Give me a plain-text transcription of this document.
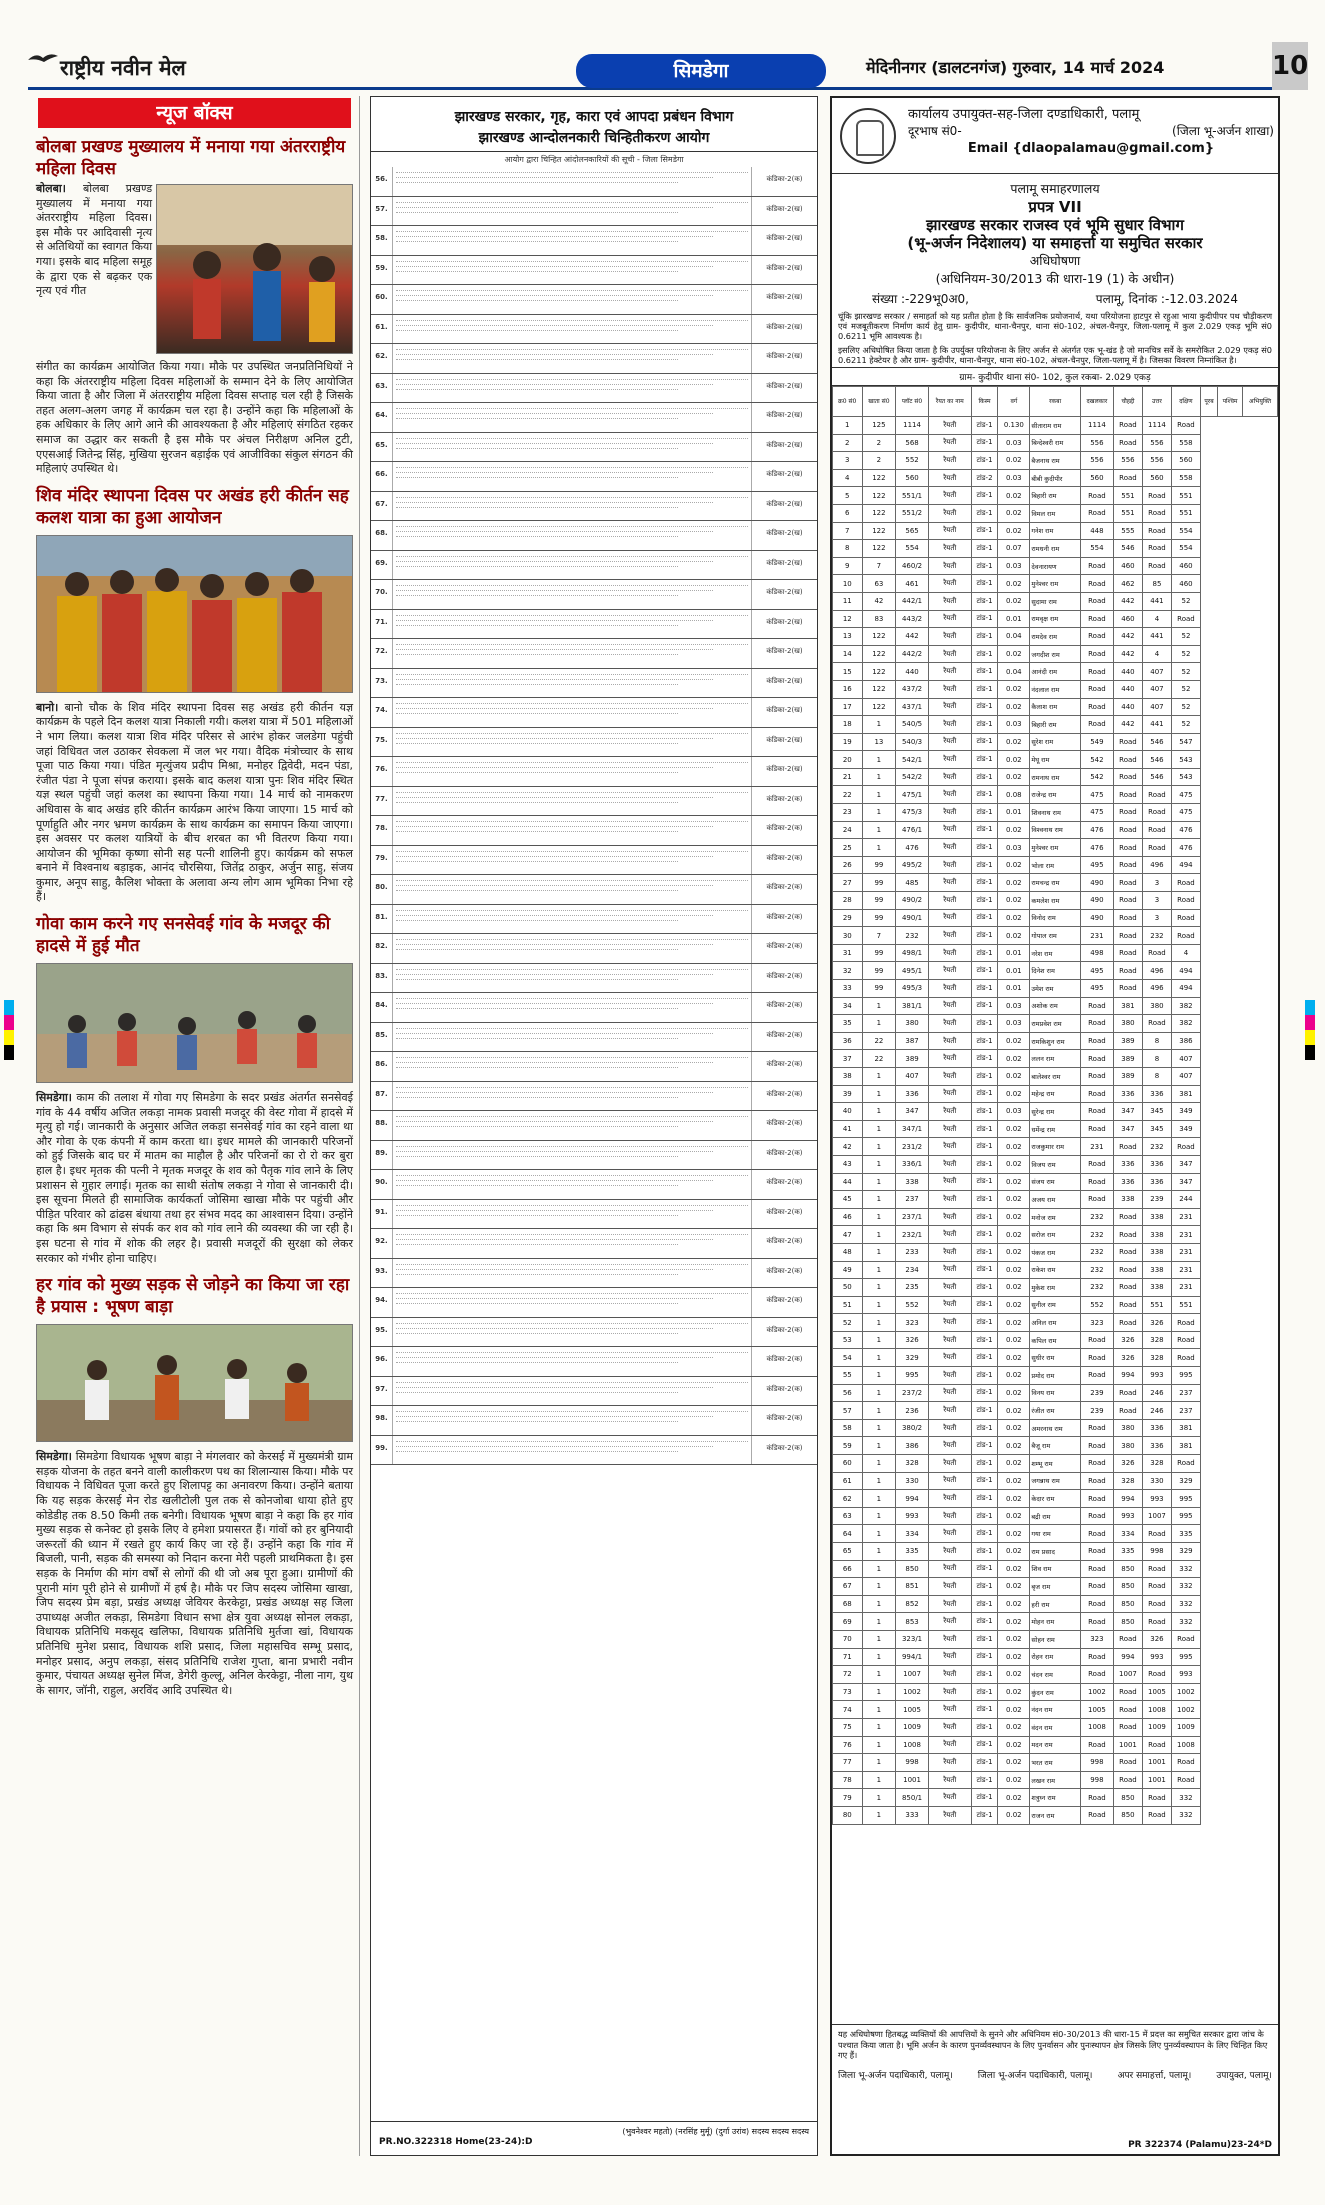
राष्ट्रीय नवीन मेल	सिमडेगा	मेदिनीनगर (डालटनगंज) गुरुवार, 14 मार्च 2024	10
न्यूज बॉक्स
बोलबा प्रखण्ड मुख्यालय में मनाया गया अंतरराष्ट्रीय महिला दिवस
बोलबा। बोलबा प्रखण्ड मुख्यालय में मनाया गया अंतरराष्ट्रीय महिला दिवस। इस मौके पर आदिवासी नृत्य से अतिथियों का स्वागत किया गया। इसके बाद महिला समूह के द्वारा एक से बढ़कर एक नृत्य एवं गीत
संगीत का कार्यक्रम आयोजित किया गया। मौके पर उपस्थित जनप्रतिनिधियों ने कहा कि अंतरराष्ट्रीय महिला दिवस महिलाओं के सम्मान देने के लिए आयोजित किया जाता है और जिला में अंतरराष्ट्रीय महिला दिवस सप्ताह चल रही है जिसके तहत अलग-अलग जगह में कार्यक्रम चल रहा है। उन्होंने कहा कि महिलाओं के हक अधिकार के लिए आगे आने की आवश्यकता है और महिलाएं संगठित रहकर समाज का उद्धार कर सकती है इस मौके पर अंचल निरीक्षण अनिल टुटी, एएसआई जितेन्द्र सिंह, मुखिया सुरजन बड़ाईक एवं आजीविका संकुल संगठन की महिलाएं उपस्थित थे।
शिव मंदिर स्थापना दिवस पर अखंड हरी कीर्तन सह कलश यात्रा का हुआ आयोजन
बानो। बानो चौक के शिव मंदिर स्थापना दिवस सह अखंड हरी कीर्तन यज्ञ कार्यक्रम के पहले दिन कलश यात्रा निकाली गयी। कलश यात्रा में 501 महिलाओं ने भाग लिया। कलश यात्रा शिव मंदिर परिसर से आरंभ होकर जलडेगा पहुंची जहां विधिवत जल उठाकर सेवकला में जल भर गया। वैदिक मंत्रोच्चार के साथ पूजा पाठ किया गया। पंडित मृत्युंजय प्रदीप मिश्रा, मनोहर द्विवेदी, मदन पंडा, रंजीत पंडा ने पूजा संपन्न कराया। इसके बाद कलश यात्रा पुनः शिव मंदिर स्थित यज्ञ स्थल पहुंची जहां कलश का स्थापना किया गया। 14 मार्च को नामकरण अधिवास के बाद अखंड हरि कीर्तन कार्यक्रम आरंभ किया जाएगा। 15 मार्च को पूर्णाहुति और नगर भ्रमण कार्यक्रम के साथ कार्यक्रम का समापन किया जाएगा। इस अवसर पर कलश यात्रियों के बीच शरबत का भी वितरण किया गया। आयोजन की भूमिका कृष्णा सोनी सह पत्नी शालिनी हुए। कार्यक्रम को सफल बनाने में विश्वनाथ बड़ाइक, आनंद चौरसिया, जितेंद्र ठाकुर, अर्जुन साहु, संजय कुमार, अनूप साहु, कैलिश भोक्ता के अलावा अन्य लोग आम भूमिका निभा रहे हैं।
गोवा काम करने गए सनसेवई गांव के मजदूर की हादसे में हुई मौत
सिमडेगा। काम की तलाश में गोवा गए सिमडेगा के सदर प्रखंड अंतर्गत सनसेवई गांव के 44 वर्षीय अजित लकड़ा नामक प्रवासी मजदूर की वेस्ट गोवा में हादसे में मृत्यु हो गई। जानकारी के अनुसार अजित लकड़ा सनसेवई गांव का रहने वाला था और गोवा के एक कंपनी में काम करता था। इधर मामले की जानकारी परिजनों को हुई जिसके बाद घर में मातम का माहौल है और परिजनों का रो रो कर बुरा हाल है। इधर मृतक की पत्नी ने मृतक मजदूर के शव को पैतृक गांव लाने के लिए प्रशासन से गुहार लगाई। मृतक का साथी संतोष लकड़ा ने गोवा से जानकारी दी। इस सूचना मिलते ही सामाजिक कार्यकर्ता जोसिमा खाखा मौके पर पहुंची और पीड़ित परिवार को ढांढस बंधाया तथा हर संभव मदद का आश्वासन दिया। उन्होंने कहा कि श्रम विभाग से संपर्क कर शव को गांव लाने की व्यवस्था की जा रही है। इस घटना से गांव में शोक की लहर है। प्रवासी मजदूरों की सुरक्षा को लेकर सरकार को गंभीर होना चाहिए।
हर गांव को मुख्य सड़क से जोड़ने का किया जा रहा है प्रयास : भूषण बाड़ा
सिमडेगा। सिमडेगा विधायक भूषण बाड़ा ने मंगलवार को केरसई में मुख्यमंत्री ग्राम सड़क योजना के तहत बनने वाली कालीकरण पथ का शिलान्यास किया। मौके पर विधायक ने विधिवत पूजा करते हुए शिलापट्ट का अनावरण किया। उन्होंने बताया कि यह सड़क केरसई मेन रोड खलीटोली पुल तक से कोनजोबा धाया होते हुए कोडेडीह तक 8.50 किमी तक बनेगी। विधायक भूषण बाड़ा ने कहा कि हर गांव मुख्य सड़क से कनेक्ट हो इसके लिए वे हमेशा प्रयासरत हैं। गांवों को हर बुनियादी जरूरतों की ध्यान में रखते हुए कार्य किए जा रहे हैं। उन्होंने कहा कि गांव में बिजली, पानी, सड़क की समस्या को निदान करना मेरी पहली प्राथमिकता है। इस सड़क के निर्माण की मांग वर्षों से लोगों की थी जो अब पूरा हुआ। ग्रामीणों की पुरानी मांग पूरी होने से ग्रामीणों में हर्ष है। मौके पर जिप सदस्य जोसिमा खाखा, जिप सदस्य प्रेम बड़ा, प्रखंड अध्यक्ष जेवियर केरकेट्टा, प्रखंड अध्यक्ष सह जिला उपाध्यक्ष अजीत लकड़ा, सिमडेगा विधान सभा क्षेत्र युवा अध्यक्ष सोनल लकड़ा, विधायक प्रतिनिधि मकसूद खलिफा, विधायक प्रतिनिधि मुर्तजा खां, विधायक प्रतिनिधि मुनेश प्रसाद, विधायक शशि प्रसाद, जिला महासचिव सम्भू प्रसाद, मनोहर प्रसाद, अनुप लकड़ा, संसद प्रतिनिधि राजेश गुप्ता, बाना प्रभारी नवीन कुमार, पंचायत अध्यक्ष सुनेल मिंज, डेगेरी कुल्लू, अनिल केरकेट्टा, नीला नाग, युथ के सागर, जॉनी, राहुल, अरविंद आदि उपस्थित थे।
झारखण्ड सरकार, गृह, कारा एवं आपदा प्रबंधन विभाग
झारखण्ड आन्दोलनकारी चिन्हितीकरण आयोग
आयोग द्वारा चिन्हित आंदोलनकारियों की सूची - जिला सिमडेगा
56.	कंडिका-2(क)
57.	कंडिका-2(ख)
58.	कंडिका-2(ख)
59.	कंडिका-2(ख)
60.	कंडिका-2(ख)
61.	कंडिका-2(ख)
62.	कंडिका-2(ख)
63.	कंडिका-2(ख)
64.	कंडिका-2(ख)
65.	कंडिका-2(ख)
66.	कंडिका-2(ख)
67.	कंडिका-2(ख)
68.	कंडिका-2(ख)
69.	कंडिका-2(ख)
70.	कंडिका-2(ख)
71.	कंडिका-2(ख)
72.	कंडिका-2(ख)
73.	कंडिका-2(ख)
74.	कंडिका-2(ख)
75.	कंडिका-2(ख)
76.	कंडिका-2(ख)
77.	कंडिका-2(क)
78.	कंडिका-2(क)
79.	कंडिका-2(क)
80.	कंडिका-2(क)
81.	कंडिका-2(क)
82.	कंडिका-2(क)
83.	कंडिका-2(क)
84.	कंडिका-2(क)
85.	कंडिका-2(क)
86.	कंडिका-2(क)
87.	कंडिका-2(क)
88.	कंडिका-2(क)
89.	कंडिका-2(क)
90.	कंडिका-2(क)
91.	कंडिका-2(क)
92.	कंडिका-2(क)
93.	कंडिका-2(क)
94.	कंडिका-2(क)
95.	कंडिका-2(क)
96.	कंडिका-2(क)
97.	कंडिका-2(क)
98.	कंडिका-2(क)
99.	कंडिका-2(क)
(भुवनेश्वर महतो) (नरसिंह मुर्मू) (दुर्गा उरांव) सदस्य सदस्य सदस्य
PR.NO.322318 Home(23-24):D
कार्यालय उपायुक्त-सह-जिला दण्डाधिकारी, पलामू
दूरभाष सं0-	(जिला भू-अर्जन शाखा)
Email {dlaopalamau@gmail.com}
पलामू समाहरणालय
प्रपत्र VII
झारखण्ड सरकार राजस्व एवं भूमि सुधार विभाग
(भू-अर्जन निदेशालय) या समाहर्त्ता या समुचित सरकार
अधिघोषणा
(अधिनियम-30/2013 की धारा-19 (1) के अधीन)
संख्या :-229भू0अ0,	पलामू, दिनांक :-12.03.2024
चूंकि झारखण्ड सरकार / समाहर्ता को यह प्रतीत होता है कि सार्वजनिक प्रयोजनार्थ, यथा परियोजना हाटपुर से रहुआ भाया कुदीपीपर पथ चौड़ीकरण एवं मजबूतीकरण निर्माण कार्य हेतु ग्राम- कुदीपीर, थाना-चैनपुर, थाना सं0-102, अंचल-चैनपुर, जिला-पलामू में कुल 2.029 एकड़ भूमि सं0 0.6211 भूमि आवश्यक है।
इसलिए अधिघोषित किया जाता है कि उपर्युक्त परियोजना के लिए अर्जन से अंतर्गत एक भू-खंड है जो मानचित्र सर्वे के समरोकित 2.029 एकड़ सं0 0.6211 हेक्टेयर है और ग्राम- कुदीपीर, थाना-चैनपुर, थाना सं0-102, अंचल-चैनपुर, जिला-पलामू में है। जिसका विवरण निम्नांकित है।
ग्राम- कुदीपीर थाना सं0- 102, कुल रकबा- 2.029 एकड़
क्र0 सं0	खाता सं0	प्लॉट सं0	रैयत का नाम	किस्म	वर्ग	रकबा	दखलकार	चौहद्दी	उत्तर	दक्षिण	पूरब	पश्चिम	अभियुक्ति
1	125	1114	रैयती	टांड-1	0.130	सीताराम राम	1114	Road	1114	Road			
2	2	568	रैयती	टांड-1	0.03	बिन्देश्वरी राम	556	Road	556	558			
3	2	552	रैयती	टांड-1	0.02	बैजनाथ राम	556	556	556	560			
4	122	560	रैयती	टांड-2	0.03	बीबी कुदीपीर	560	Road	560	558			
5	122	551/1	रैयती	टांड-1	0.02	बिहारी राम	Road	551	Road	551			
6	122	551/2	रैयती	टांड-1	0.02	विमल राम	Road	551	Road	551			
7	122	565	रैयती	टांड-1	0.02	गनेश राम	448	555	Road	554			
8	122	554	रैयती	टांड-1	0.07	रामधनी राम	554	546	Road	554			
9	7	460/2	रैयती	टांड-1	0.03	देवनारायण	Road	460	Road	460			
10	63	461	रैयती	टांड-1	0.02	मुनेश्वर राम	Road	462	85	460			
11	42	442/1	रैयती	टांड-1	0.02	सुदामा राम	Road	442	441	52			
12	83	443/2	रैयती	टांड-1	0.01	रामवृक्ष राम	Road	460	4	Road			
13	122	442	रैयती	टांड-1	0.04	रामदेव राम	Road	442	441	52			
14	122	442/2	रैयती	टांड-1	0.02	जगदीश राम	Road	442	4	52			
15	122	440	रैयती	टांड-1	0.04	आनंदी राम	Road	440	407	52			
16	122	437/2	रैयती	टांड-1	0.02	नंदलाल राम	Road	440	407	52			
17	122	437/1	रैयती	टांड-1	0.02	कैलाश राम	Road	440	407	52			
18	1	540/5	रैयती	टांड-1	0.03	बिहारी राम	Road	442	441	52			
19	13	540/3	रैयती	टांड-1	0.02	सुरेश राम	549	Road	546	547			
20	1	542/1	रैयती	टांड-1	0.02	मेघू राम	542	Road	546	543			
21	1	542/2	रैयती	टांड-1	0.02	रामनाथ राम	542	Road	546	543			
22	1	475/1	रैयती	टांड-1	0.08	राजेन्द्र राम	475	Road	Road	475			
23	1	475/3	रैयती	टांड-1	0.01	शिवनाथ राम	475	Road	Road	475			
24	1	476/1	रैयती	टांड-1	0.02	विश्वनाथ राम	476	Road	Road	476			
25	1	476	रैयती	टांड-1	0.03	मुनेश्वर राम	476	Road	Road	476			
26	99	495/2	रैयती	टांड-1	0.02	भोला राम	495	Road	496	494			
27	99	485	रैयती	टांड-1	0.02	रामचन्द्र राम	490	Road	3	Road			
28	99	490/2	रैयती	टांड-1	0.02	कमलेश राम	490	Road	3	Road			
29	99	490/1	रैयती	टांड-1	0.02	विनोद राम	490	Road	3	Road			
30	7	232	रैयती	टांड-1	0.02	गोपाल राम	231	Road	232	Road			
31	99	498/1	रैयती	टांड-1	0.01	नरेश राम	498	Road	Road	4			
32	99	495/1	रैयती	टांड-1	0.01	दिनेश राम	495	Road	496	494			
33	99	495/3	रैयती	टांड-1	0.01	उमेश राम	495	Road	496	494			
34	1	381/1	रैयती	टांड-1	0.03	अशोक राम	Road	381	380	382			
35	1	380	रैयती	टांड-1	0.03	रामप्रवेश राम	Road	380	Road	382			
36	22	387	रैयती	टांड-1	0.02	रामकिशुन राम	Road	389	8	386			
37	22	389	रैयती	टांड-1	0.02	ललन राम	Road	389	8	407			
38	1	407	रैयती	टांड-1	0.02	बालेश्वर राम	Road	389	8	407			
39	1	336	रैयती	टांड-1	0.02	महेन्द्र राम	Road	336	336	381			
40	1	347	रैयती	टांड-1	0.03	सुरेन्द्र राम	Road	347	345	349			
41	1	347/1	रैयती	टांड-1	0.02	धर्मेन्द्र राम	Road	347	345	349			
42	1	231/2	रैयती	टांड-1	0.02	राजकुमार राम	231	Road	232	Road			
43	1	336/1	रैयती	टांड-1	0.02	विजय राम	Road	336	336	347			
44	1	338	रैयती	टांड-1	0.02	संजय राम	Road	336	336	347			
45	1	237	रैयती	टांड-1	0.02	अजय राम	Road	338	239	244			
46	1	237/1	रैयती	टांड-1	0.02	मनोज राम	232	Road	338	231			
47	1	232/1	रैयती	टांड-1	0.02	सरोज राम	232	Road	338	231			
48	1	233	रैयती	टांड-1	0.02	पंकज राम	232	Road	338	231			
49	1	234	रैयती	टांड-1	0.02	राकेश राम	232	Road	338	231			
50	1	235	रैयती	टांड-1	0.02	मुकेश राम	232	Road	338	231			
51	1	552	रैयती	टांड-1	0.02	सुनील राम	552	Road	551	551			
52	1	323	रैयती	टांड-1	0.02	अनिल राम	323	Road	326	Road			
53	1	326	रैयती	टांड-1	0.02	कपिल राम	Road	326	328	Road			
54	1	329	रैयती	टांड-1	0.02	सुधीर राम	Road	326	328	Road			
55	1	995	रैयती	टांड-1	0.02	प्रमोद राम	Road	994	993	995			
56	1	237/2	रैयती	टांड-1	0.02	विनय राम	239	Road	246	237			
57	1	236	रैयती	टांड-1	0.02	रंजीत राम	239	Road	246	237			
58	1	380/2	रैयती	टांड-1	0.02	अमरनाथ राम	Road	380	336	381			
59	1	386	रैयती	टांड-1	0.02	बैजू राम	Road	380	336	381			
60	1	328	रैयती	टांड-1	0.02	शम्भू राम	Road	326	328	Road			
61	1	330	रैयती	टांड-1	0.02	जगन्नाथ राम	Road	328	330	329			
62	1	994	रैयती	टांड-1	0.02	केदार राम	Road	994	993	995			
63	1	993	रैयती	टांड-1	0.02	बद्री राम	Road	993	1007	995			
64	1	334	रैयती	टांड-1	0.02	गया राम	Road	334	Road	335			
65	1	335	रैयती	टांड-1	0.02	राम प्रसाद	Road	335	998	329			
66	1	850	रैयती	टांड-1	0.02	शिव राम	Road	850	Road	332			
67	1	851	रैयती	टांड-1	0.02	बृज राम	Road	850	Road	332			
68	1	852	रैयती	टांड-1	0.02	हरी राम	Road	850	Road	332			
69	1	853	रैयती	टांड-1	0.02	मोहन राम	Road	850	Road	332			
70	1	323/1	रैयती	टांड-1	0.02	सोहन राम	323	Road	326	Road			
71	1	994/1	रैयती	टांड-1	0.02	रोहन राम	Road	994	993	995			
72	1	1007	रैयती	टांड-1	0.02	चंदन राम	Road	1007	Road	993			
73	1	1002	रैयती	टांड-1	0.02	कुंदन राम	1002	Road	1005	1002			
74	1	1005	रैयती	टांड-1	0.02	नंदन राम	1005	Road	1008	1002			
75	1	1009	रैयती	टांड-1	0.02	वंदन राम	1008	Road	1009	1009			
76	1	1008	रैयती	टांड-1	0.02	मदन राम	Road	1001	Road	1008			
77	1	998	रैयती	टांड-1	0.02	भरत राम	998	Road	1001	Road			
78	1	1001	रैयती	टांड-1	0.02	लखन राम	998	Road	1001	Road			
79	1	850/1	रैयती	टांड-1	0.02	शत्रुघ्न राम	Road	850	Road	332			
80	1	333	रैयती	टांड-1	0.02	राजन राम	Road	850	Road	332			
यह अधिघोषणा हितबद्ध व्यक्तियों की आपत्तियों के सुनने और अधिनियम सं0-30/2013 की धारा-15 में प्रदत्त का समुचित सरकार द्वारा जांच के पश्चात किया जाता है। भूमि अर्जन के कारण पुनर्व्यवस्थापन के लिए पुनर्वासन और पुनःस्थापन क्षेत्र जिसके लिए पुनर्व्यवस्थापन के लिए चिन्हित किए गए हैं।
जिला भू-अर्जन पदाधिकारी, पलामू।	जिला भू-अर्जन पदाधिकारी, पलामू।	अपर समाहर्त्ता, पलामू।	उपायुक्त, पलामू।
PR 322374 (Palamu)23-24*D
